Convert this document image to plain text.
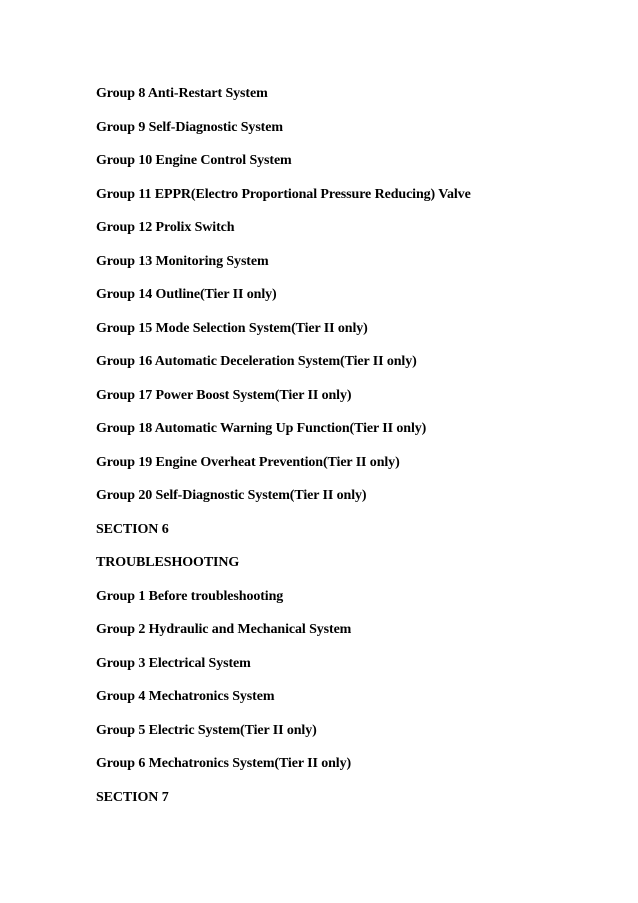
Group 8 Anti-Restart System
Group 9 Self-Diagnostic System
Group 10 Engine Control System
Group 11 EPPR(Electro Proportional Pressure Reducing) Valve
Group 12 Prolix Switch
Group 13 Monitoring System
Group 14 Outline(Tier II only)
Group 15 Mode Selection System(Tier II only)
Group 16 Automatic Deceleration System(Tier II only)
Group 17 Power Boost System(Tier II only)
Group 18 Automatic Warning Up Function(Tier II only)
Group 19 Engine Overheat Prevention(Tier II only)
Group 20 Self-Diagnostic System(Tier II only)
SECTION 6
TROUBLESHOOTING
Group 1 Before troubleshooting
Group 2 Hydraulic and Mechanical System
Group 3 Electrical System
Group 4 Mechatronics System
Group 5 Electric System(Tier II only)
Group 6 Mechatronics System(Tier II only)
SECTION 7
